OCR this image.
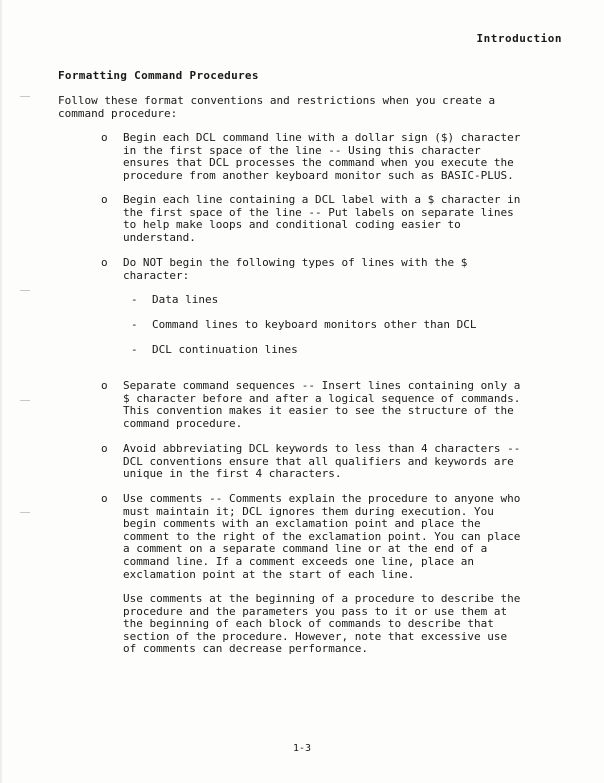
Introduction
Formatting Command Procedures
Follow these format conventions and restrictions when you create a
command procedure:
o Begin each DCL command line with a dollar sign ($) character
in the first space of the line -- Using this character
ensures that DCL processes the command when you execute the
procedure from another keyboard monitor such as BASIC-PLUS.
o Begin each line containing a DCL label with a $ character in
the first space of the line -- Put labels on separate lines
to help make loops and conditional coding easier to
understand.
o Do NOT begin the following types of lines with the $
character:
- Data lines
- Command lines to keyboard monitors other than DCL
- DCL continuation lines
o Separate command sequences -- Insert lines containing only a
$ character before and after a logical sequence of commands.
This convention makes it easier to see the structure of the
command procedure.
o Avoid abbreviating DCL keywords to less than 4 characters --
DCL conventions ensure that all qualifiers and keywords are
unique in the first 4 characters.
o Use comments -- Comments explain the procedure to anyone who
must maintain it; DCL ignores them during execution. You
begin comments with an exclamation point and place the
comment to the right of the exclamation point. You can place
a comment on a separate command line or at the end of a
command line. If a comment exceeds one line, place an
exclamation point at the start of each line.
Use comments at the beginning of a procedure to describe the
procedure and the parameters you pass to it or use them at
the beginning of each block of commands to describe that
section of the procedure. However, note that excessive use
of comments can decrease performance.
1-3
